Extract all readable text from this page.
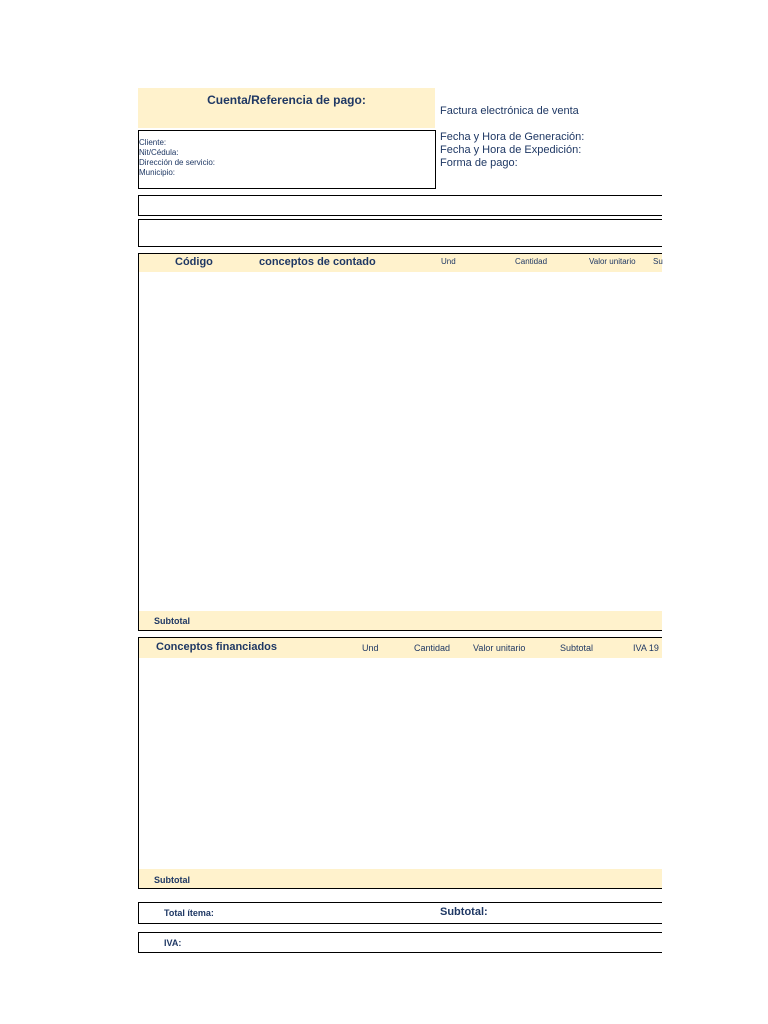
Cuenta/Referencia de pago:
Factura electrónica de venta
Cliente:
Nit/Cédula:
Dirección de servicio:
Municipio:
Fecha y Hora de Generación:
Fecha y Hora de Expedición:
Forma de pago:
Código	conceptos de contado	Und	Cantidad	Valor unitario Su
Subtotal
Conceptos financiados	Und	Cantidad	Valor unitario	Subtotal	IVA 19
Subtotal
Total ítema:	Subtotal:
IVA:
